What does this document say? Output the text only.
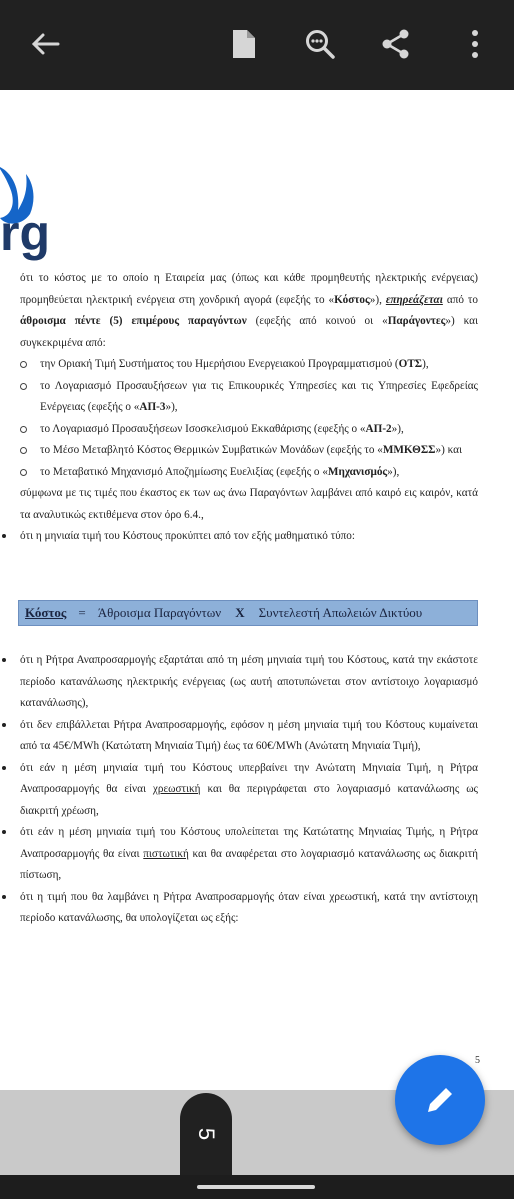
rg

ότι το κόστος με το οποίο η Εταιρεία μας (όπως και κάθε προμηθευτής ηλεκτρικής ενέργειας) προμηθεύεται ηλεκτρική ενέργεια στη χονδρική αγορά (εφεξής το «Κόστος»), επηρεάζεται από το άθροισμα πέντε (5) επιμέρους παραγόντων (εφεξής από κοινού οι «Παράγοντες») και συγκεκριμένα από:

την Οριακή Τιμή Συστήματος του Ημερήσιου Ενεργειακού Προγραμματισμού (ΟΤΣ),
το Λογαριασμό Προσαυξήσεων για τις Επικουρικές Υπηρεσίες και τις Υπηρεσίες Εφεδρείας Ενέργειας (εφεξής ο «ΑΠ-3»),
το Λογαριασμό Προσαυξήσεων Ισοσκελισμού Εκκαθάρισης (εφεξής ο «ΑΠ-2»),
το Μέσο Μεταβλητό Κόστος Θερμικών Συμβατικών Μονάδων (εφεξής το «ΜΜΚΘΣΣ») και
το Μεταβατικό Μηχανισμό Αποζημίωσης Ευελιξίας (εφεξής ο «Μηχανισμός»),

σύμφωνα με τις τιμές που έκαστος εκ των ως άνω Παραγόντων λαμβάνει από καιρό εις καιρόν, κατά τα αναλυτικώς εκτιθέμενα στον όρο 6.4.,

ότι η μηνιαία τιμή του Κόστους προκύπτει από τον εξής μαθηματικό τύπο:

Κόστος = Άθροισμα Παραγόντων Χ Συντελεστή Απωλειών Δικτύου

ότι η Ρήτρα Αναπροσαρμογής εξαρτάται από τη μέση μηνιαία τιμή του Κόστους, κατά την εκάστοτε περίοδο κατανάλωσης ηλεκτρικής ενέργειας (ως αυτή αποτυπώνεται στον αντίστοιχο λογαριασμό κατανάλωσης),

ότι δεν επιβάλλεται Ρήτρα Αναπροσαρμογής, εφόσον η μέση μηνιαία τιμή του Κόστους κυμαίνεται από τα 45€/MWh (Κατώτατη Μηνιαία Τιμή) έως τα 60€/MWh (Ανώτατη Μηνιαία Τιμή),

ότι εάν η μέση μηνιαία τιμή του Κόστους υπερβαίνει την Ανώτατη Μηνιαία Τιμή, η Ρήτρα Αναπροσαρμογής θα είναι χρεωστική και θα περιγράφεται στο λογαριασμό κατανάλωσης ως διακριτή χρέωση,

ότι εάν η μέση μηνιαία τιμή του Κόστους υπολείπεται της Κατώτατης Μηνιαίας Τιμής, η Ρήτρα Αναπροσαρμογής θα είναι πιστωτική και θα αναφέρεται στο λογαριασμό κατανάλωσης ως διακριτή πίστωση,

ότι η τιμή που θα λαμβάνει η Ρήτρα Αναπροσαρμογής όταν είναι χρεωστική, κατά την αντίστοιχη περίοδο κατανάλωσης, θα υπολογίζεται ως εξής:

5
5
